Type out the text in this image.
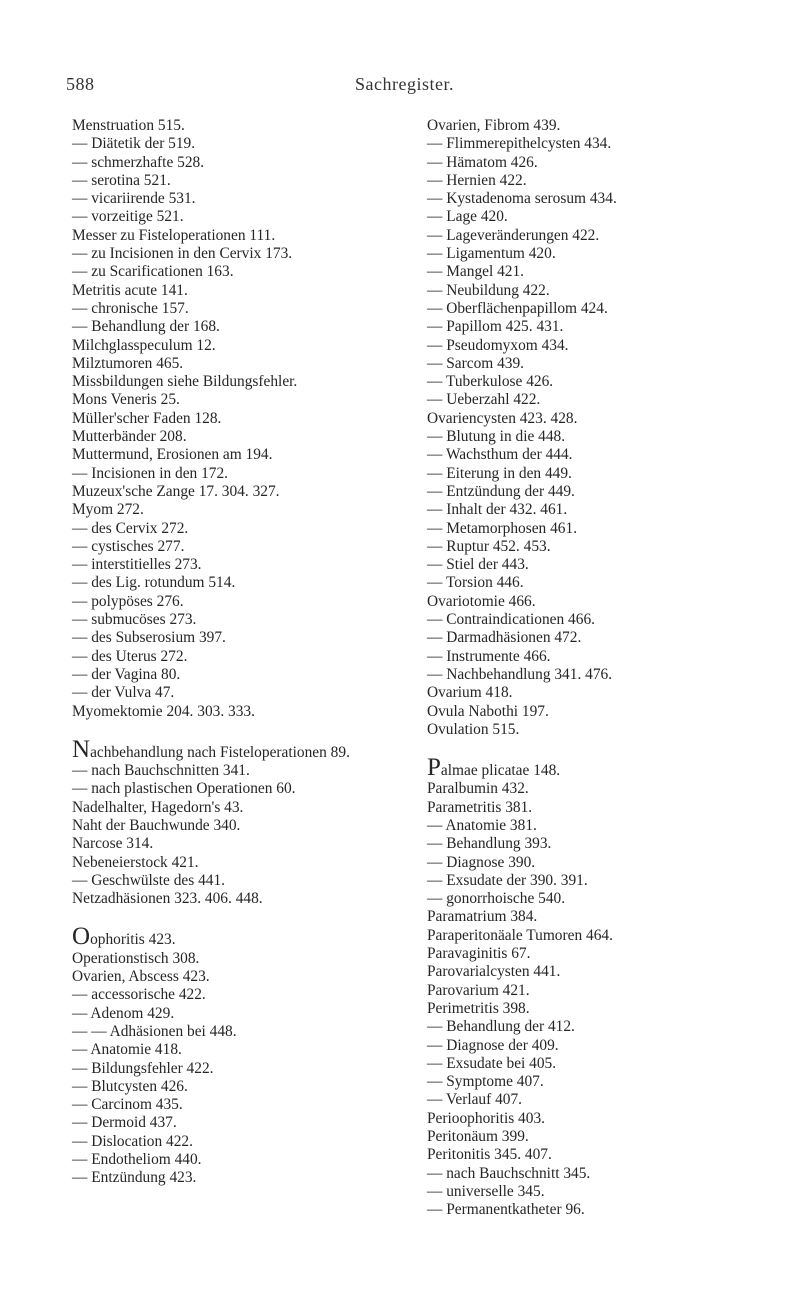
588	Sachregister.
Menstruation 515.
— Diätetik der 519.
— schmerzhafte 528.
— serotina 521.
— vicariirende 531.
— vorzeitige 521.
Messer zu Fisteloperationen 111.
— zu Incisionen in den Cervix 173.
— zu Scarificationen 163.
Metritis acute 141.
— chronische 157.
— Behandlung der 168.
Milchglasspeculum 12.
Milztumoren 465.
Missbildungen siehe Bildungsfehler.
Mons Veneris 25.
Müller'scher Faden 128.
Mutterbänder 208.
Muttermund, Erosionen am 194.
— Incisionen in den 172.
Muzeux'sche Zange 17. 304. 327.
Myom 272.
— des Cervix 272.
— cystisches 277.
— interstitielles 273.
— des Lig. rotundum 514.
— polypöses 276.
— submucöses 273.
— des Subserosium 397.
— des Uterus 272.
— der Vagina 80.
— der Vulva 47.
Myomektomie 204. 303. 333.
Nachbehandlung nach Fisteloperationen 89.
— nach Bauchschnitten 341.
— nach plastischen Operationen 60.
Nadelhalter, Hagedorn's 43.
Naht der Bauchwunde 340.
Narcose 314.
Nebeneierstock 421.
— Geschwülste des 441.
Netzadhäsionen 323. 406. 448.
Oophoritis 423.
Operationstisch 308.
Ovarien, Abscess 423.
— accessorische 422.
— Adenom 429.
— — Adhäsionen bei 448.
— Anatomie 418.
— Bildungsfehler 422.
— Blutcysten 426.
— Carcinom 435.
— Dermoid 437.
— Dislocation 422.
— Endotheliom 440.
— Entzündung 423.
Ovarien, Fibrom 439.
— Flimmerepithelcysten 434.
— Hämatom 426.
— Hernien 422.
— Kystadenoma serosum 434.
— Lage 420.
— Lageveränderungen 422.
— Ligamentum 420.
— Mangel 421.
— Neubildung 422.
— Oberflächenpapillom 424.
— Papillom 425. 431.
— Pseudomyxom 434.
— Sarcom 439.
— Tuberkulose 426.
— Ueberzahl 422.
Ovariencysten 423. 428.
— Blutung in die 448.
— Wachsthum der 444.
— Eiterung in den 449.
— Entzündung der 449.
— Inhalt der 432. 461.
— Metamorphosen 461.
— Ruptur 452. 453.
— Stiel der 443.
— Torsion 446.
Ovariotomie 466.
— Contraindicationen 466.
— Darmadhäsionen 472.
— Instrumente 466.
— Nachbehandlung 341. 476.
Ovarium 418.
Ovula Nabothi 197.
Ovulation 515.
Palmae plicatae 148.
Paralbumin 432.
Parametritis 381.
— Anatomie 381.
— Behandlung 393.
— Diagnose 390.
— Exsudate der 390. 391.
— gonorrhoische 540.
Paramatrium 384.
Paraperitonäale Tumoren 464.
Paravaginitis 67.
Parovarialcysten 441.
Parovarium 421.
Perimetritis 398.
— Behandlung der 412.
— Diagnose der 409.
— Exsudate bei 405.
— Symptome 407.
— Verlauf 407.
Perioophoritis 403.
Peritonäum 399.
Peritonitis 345. 407.
— nach Bauchschnitt 345.
— universelle 345.
— Permanentkatheter 96.
